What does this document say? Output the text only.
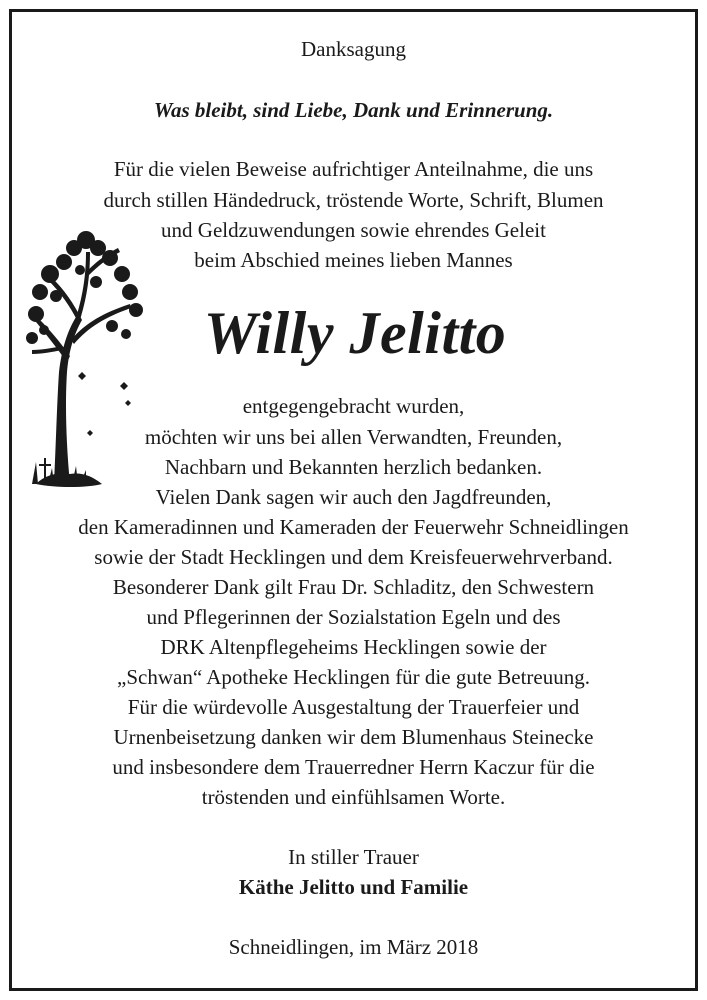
Danksagung
Was bleibt, sind Liebe, Dank und Erinnerung.
Für die vielen Beweise aufrichtiger Anteilnahme, die uns
durch stillen Händedruck, tröstende Worte, Schrift, Blumen
und Geldzuwendungen sowie ehrendes Geleit
beim Abschied meines lieben Mannes
Willy Jelitto
entgegengebracht wurden,
möchten wir uns bei allen Verwandten, Freunden,
Nachbarn und Bekannten herzlich bedanken.
Vielen Dank sagen wir auch den Jagdfreunden,
den Kameradinnen und Kameraden der Feuerwehr Schneidlingen
sowie der Stadt Hecklingen und dem Kreisfeuerwehrverband.
Besonderer Dank gilt Frau Dr. Schladitz, den Schwestern
und Pflegerinnen der Sozialstation Egeln und des
DRK Altenpflegeheims Hecklingen sowie der
„Schwan“ Apotheke Hecklingen für die gute Betreuung.
Für die würdevolle Ausgestaltung der Trauerfeier und
Urnenbeisetzung danken wir dem Blumenhaus Steinecke
und insbesondere dem Trauerredner Herrn Kaczur für die
tröstenden und einfühlsamen Worte.
In stiller Trauer
Käthe Jelitto und Familie
Schneidlingen, im März 2018
